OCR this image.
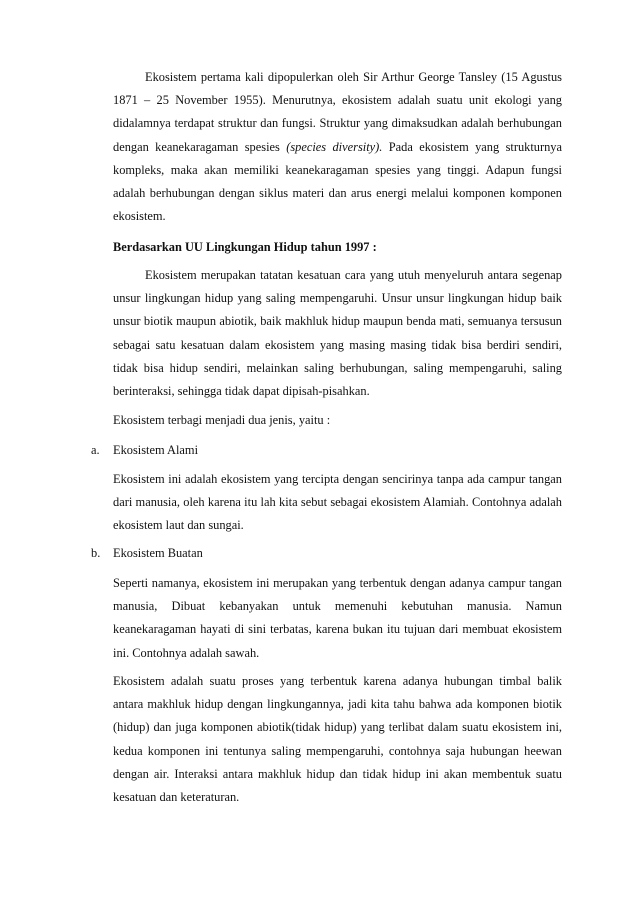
Ekosistem pertama kali dipopulerkan oleh Sir Arthur George Tansley (15 Agustus 1871 – 25 November 1955). Menurutnya, ekosistem adalah suatu unit ekologi yang didalamnya terdapat struktur dan fungsi. Struktur yang dimaksudkan adalah berhubungan dengan keanekaragaman spesies (species diversity). Pada ekosistem yang strukturnya kompleks, maka akan memiliki keanekaragaman spesies yang tinggi. Adapun fungsi adalah berhubungan dengan siklus materi dan arus energi melalui komponen komponen ekosistem.

Berdasarkan UU Lingkungan Hidup tahun 1997 :

Ekosistem merupakan tatatan kesatuan cara yang utuh menyeluruh antara segenap unsur lingkungan hidup yang saling mempengaruhi. Unsur unsur lingkungan hidup baik unsur biotik maupun abiotik, baik makhluk hidup maupun benda mati, semuanya tersusun sebagai satu kesatuan dalam ekosistem yang masing masing tidak bisa berdiri sendiri, tidak bisa hidup sendiri, melainkan saling berhubungan, saling mempengaruhi, saling berinteraksi, sehingga tidak dapat dipisah-pisahkan.

Ekosistem terbagi menjadi dua jenis, yaitu :

a. Ekosistem Alami

Ekosistem ini adalah ekosistem yang tercipta dengan sencirinya tanpa ada campur tangan dari manusia, oleh karena itu lah kita sebut sebagai ekosistem Alamiah. Contohnya adalah ekosistem laut dan sungai.

b. Ekosistem Buatan

Seperti namanya, ekosistem ini merupakan yang terbentuk dengan adanya campur tangan manusia, Dibuat kebanyakan untuk memenuhi kebutuhan manusia. Namun keanekaragaman hayati di sini terbatas, karena bukan itu tujuan dari membuat ekosistem ini. Contohnya adalah sawah.

Ekosistem adalah suatu proses yang terbentuk karena adanya hubungan timbal balik antara makhluk hidup dengan lingkungannya, jadi kita tahu bahwa ada komponen biotik (hidup) dan juga komponen abiotik(tidak hidup) yang terlibat dalam suatu ekosistem ini, kedua komponen ini tentunya saling mempengaruhi, contohnya saja hubungan heewan dengan air. Interaksi antara makhluk hidup dan tidak hidup ini akan membentuk suatu kesatuan dan keteraturan.
